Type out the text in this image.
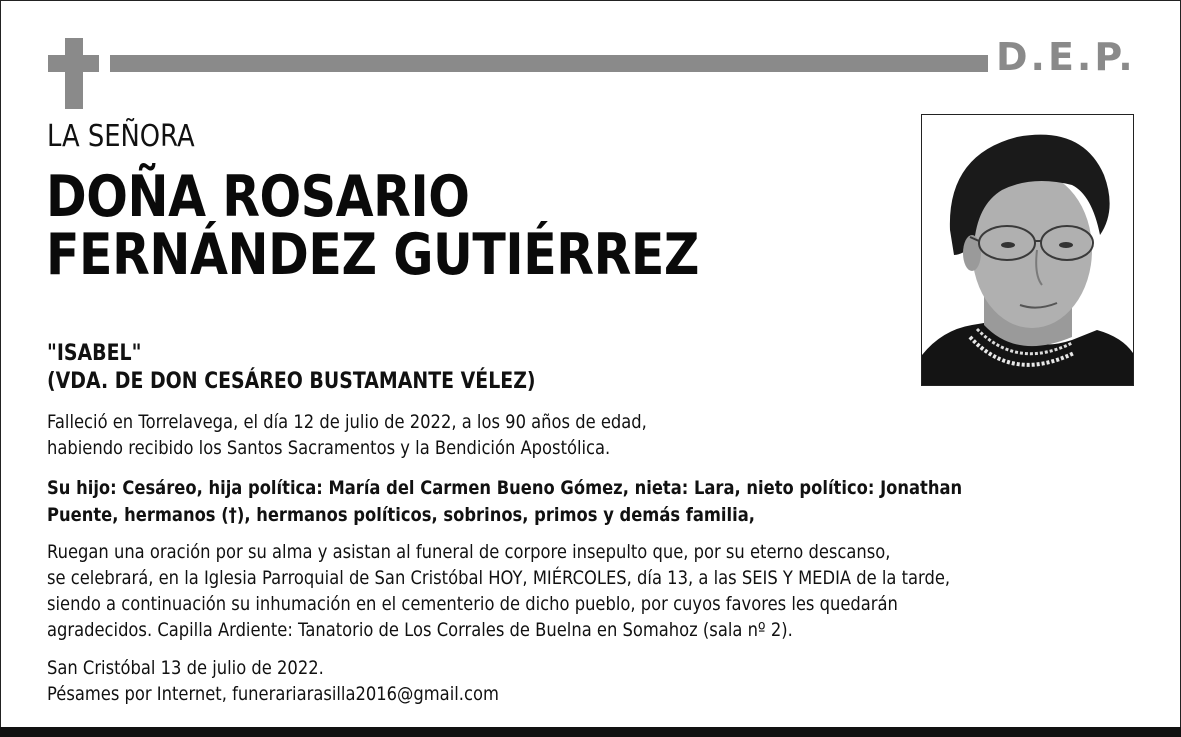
D.E.P.
LA SEÑORA
DOÑA ROSARIO
FERNÁNDEZ GUTIÉRREZ
"ISABEL"
(VDA. DE DON CESÁREO BUSTAMANTE VÉLEZ)
Falleció en Torrelavega, el día 12 de julio de 2022, a los 90 años de edad,
habiendo recibido los Santos Sacramentos y la Bendición Apostólica.
Su hijo: Cesáreo, hija política: María del Carmen Bueno Gómez, nieta: Lara, nieto político: Jonathan
Puente, hermanos (†), hermanos políticos, sobrinos, primos y demás familia,
Ruegan una oración por su alma y asistan al funeral de corpore insepulto que, por su eterno descanso,
se celebrará, en la Iglesia Parroquial de San Cristóbal HOY, MIÉRCOLES, día 13, a las SEIS Y MEDIA de la tarde,
siendo a continuación su inhumación en el cementerio de dicho pueblo, por cuyos favores les quedarán
agradecidos. Capilla Ardiente: Tanatorio de Los Corrales de Buelna en Somahoz (sala nº 2).
San Cristóbal 13 de julio de 2022.
Pésames por Internet, funerariarasilla2016@gmail.com
